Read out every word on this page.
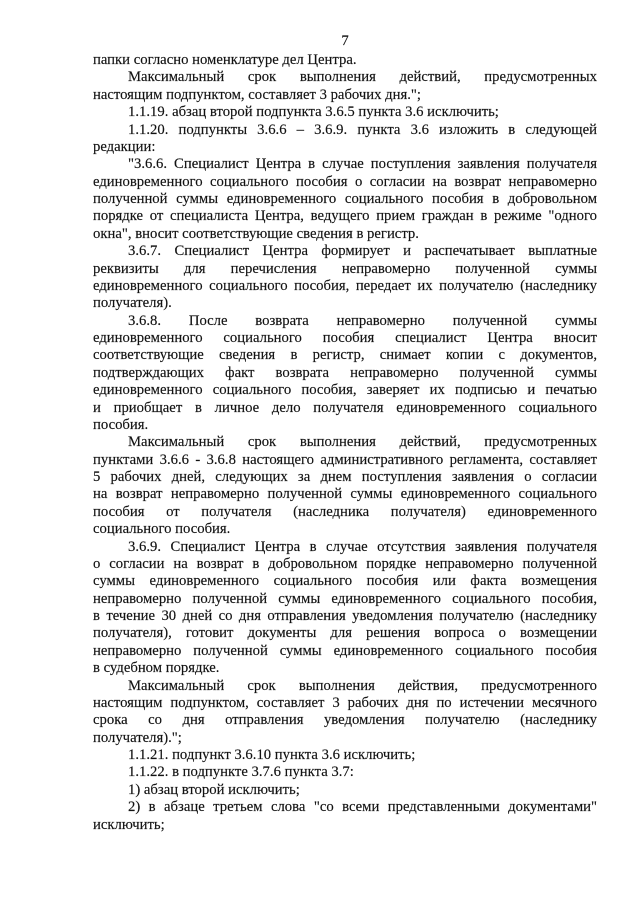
7
папки согласно номенклатуре дел Центра.
Максимальный срок выполнения действий, предусмотренных
настоящим подпунктом, составляет 3 рабочих дня.";
1.1.19. абзац второй подпункта 3.6.5 пункта 3.6 исключить;
1.1.20. подпункты 3.6.6 – 3.6.9. пункта 3.6 изложить в следующей
редакции:
"3.6.6. Специалист Центра в случае поступления заявления получателя
единовременного социального пособия о согласии на возврат неправомерно
полученной суммы единовременного социального пособия в добровольном
порядке от специалиста Центра, ведущего прием граждан в режиме "одного
окна", вносит соответствующие сведения в регистр.
3.6.7. Специалист Центра формирует и распечатывает выплатные
реквизиты для перечисления неправомерно полученной суммы
единовременного социального пособия, передает их получателю (наследнику
получателя).
3.6.8. После возврата неправомерно полученной суммы
единовременного социального пособия специалист Центра вносит
соответствующие сведения в регистр, снимает копии с документов,
подтверждающих факт возврата неправомерно полученной суммы
единовременного социального пособия, заверяет их подписью и печатью
и приобщает в личное дело получателя единовременного социального
пособия.
Максимальный срок выполнения действий, предусмотренных
пунктами 3.6.6 - 3.6.8 настоящего административного регламента, составляет
5 рабочих дней, следующих за днем поступления заявления о согласии
на возврат неправомерно полученной суммы единовременного социального
пособия от получателя (наследника получателя) единовременного
социального пособия.
3.6.9. Специалист Центра в случае отсутствия заявления получателя
о согласии на возврат в добровольном порядке неправомерно полученной
суммы единовременного социального пособия или факта возмещения
неправомерно полученной суммы единовременного социального пособия,
в течение 30 дней со дня отправления уведомления получателю (наследнику
получателя), готовит документы для решения вопроса о возмещении
неправомерно полученной суммы единовременного социального пособия
в судебном порядке.
Максимальный срок выполнения действия, предусмотренного
настоящим подпунктом, составляет 3 рабочих дня по истечении месячного
срока со дня отправления уведомления получателю (наследнику
получателя).";
1.1.21. подпункт 3.6.10 пункта 3.6 исключить;
1.1.22. в подпункте 3.7.6 пункта 3.7:
1) абзац второй исключить;
2) в абзаце третьем слова "со всеми представленными документами"
исключить;
